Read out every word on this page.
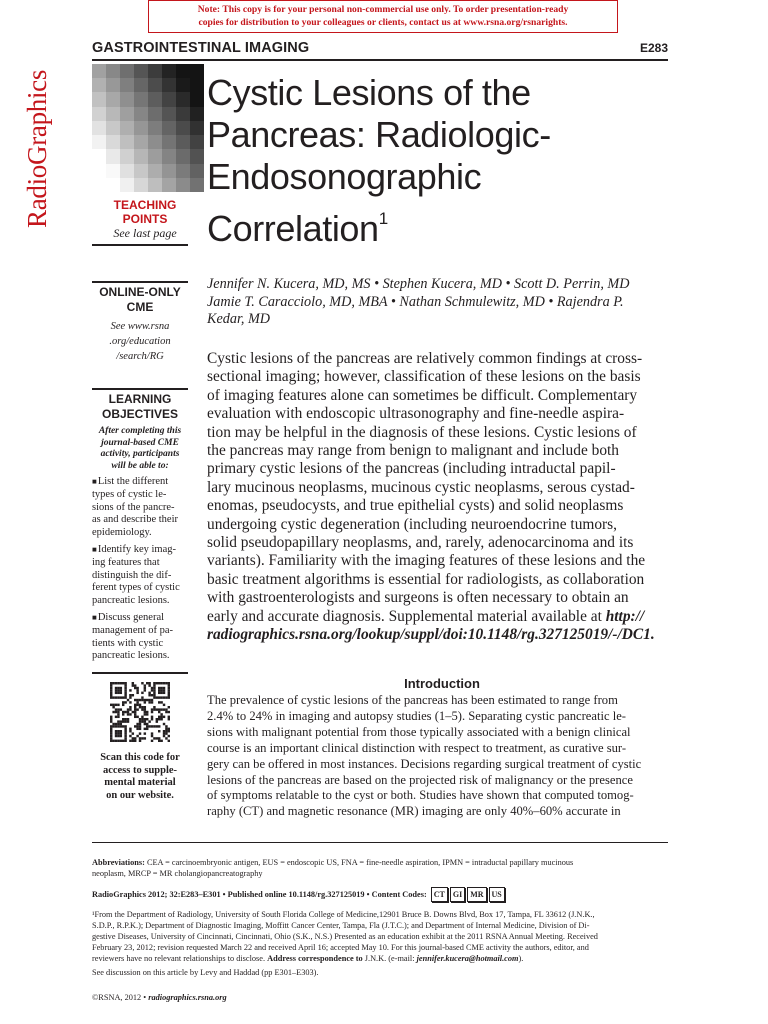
Note: This copy is for your personal non-commercial use only. To order presentation-ready
copies for distribution to your colleagues or clients, contact us at www.rsna.org/rsnarights.
GASTROINTESTINAL IMAGING	E283
RadioGraphics	Cystic Lesions of the
Pancreas: Radiologic-
Endosonographic
Correlation$^1$
TEACHING
POINTS
See last page
ONLINE-ONLY
CME
See www.rsna
.org/education
/search/RG
LEARNING
OBJECTIVES
After completing this
journal-based CME
activity, participants
will be able to:
■List the different
types of cystic le-
sions of the pancre-
as and describe their
epidemiology.
■Identify key imag-
ing features that
distinguish the dif-
ferent types of cystic
pancreatic lesions.
■Discuss general
management of pa-
tients with cystic
pancreatic lesions.
Scan this code for
access to supple-
mental material
on our website.
Jennifer N. Kucera, MD, MS • Stephen Kucera, MD • Scott D. Perrin, MD
Jamie T. Caracciolo, MD, MBA • Nathan Schmulewitz, MD • Rajendra P.
Kedar, MD
Cystic lesions of the pancreas are relatively common findings at cross-
sectional imaging; however, classification of these lesions on the basis
of imaging features alone can sometimes be difficult. Complementary
evaluation with endoscopic ultrasonography and fine-needle aspira-
tion may be helpful in the diagnosis of these lesions. Cystic lesions of
the pancreas may range from benign to malignant and include both
primary cystic lesions of the pancreas (including intraductal papil-
lary mucinous neoplasms, mucinous cystic neoplasms, serous cystad-
enomas, pseudocysts, and true epithelial cysts) and solid neoplasms
undergoing cystic degeneration (including neuroendocrine tumors,
solid pseudopapillary neoplasms, and, rarely, adenocarcinoma and its
variants). Familiarity with the imaging features of these lesions and the
basic treatment algorithms is essential for radiologists, as collaboration
with gastroenterologists and surgeons is often necessary to obtain an
early and accurate diagnosis. Supplemental material available at http://
radiographics.rsna.org/lookup/suppl/doi:10.1148/rg.327125019/-/DC1.
Introduction
The prevalence of cystic lesions of the pancreas has been estimated to range from
2.4% to 24% in imaging and autopsy studies (1–5). Separating cystic pancreatic le-
sions with malignant potential from those typically associated with a benign clinical
course is an important clinical distinction with respect to treatment, as curative sur-
gery can be offered in most instances. Decisions regarding surgical treatment of cystic
lesions of the pancreas are based on the projected risk of malignancy or the presence
of symptoms relatable to the cyst or both. Studies have shown that computed tomog-
raphy (CT) and magnetic resonance (MR) imaging are only 40%–60% accurate in
Abbreviations: CEA = carcinoembryonic antigen, EUS = endoscopic US, FNA = fine-needle aspiration, IPMN = intraductal papillary mucinous
neoplasm, MRCP = MR cholangiopancreatography
RadioGraphics 2012; 32:E283–E301 • Published online 10.1148/rg.327125019 • Content Codes: CT	GI	MR	US
¹From the Department of Radiology, University of South Florida College of Medicine,12901 Bruce B. Downs Blvd, Box 17, Tampa, FL 33612 (J.N.K.,
S.D.P., R.P.K.); Department of Diagnostic Imaging, Moffitt Cancer Center, Tampa, Fla (J.T.C.); and Department of Internal Medicine, Division of Di-
gestive Diseases, University of Cincinnati, Cincinnati, Ohio (S.K., N.S.) Presented as an education exhibit at the 2011 RSNA Annual Meeting. Received
February 23, 2012; revision requested March 22 and received April 16; accepted May 10. For this journal-based CME activity the authors, editor, and
reviewers have no relevant relationships to disclose. Address correspondence to J.N.K. (e-mail: jennifer.kucera@hotmail.com).
See discussion on this article by Levy and Haddad (pp E301–E303).
©RSNA, 2012 • radiographics.rsna.org
